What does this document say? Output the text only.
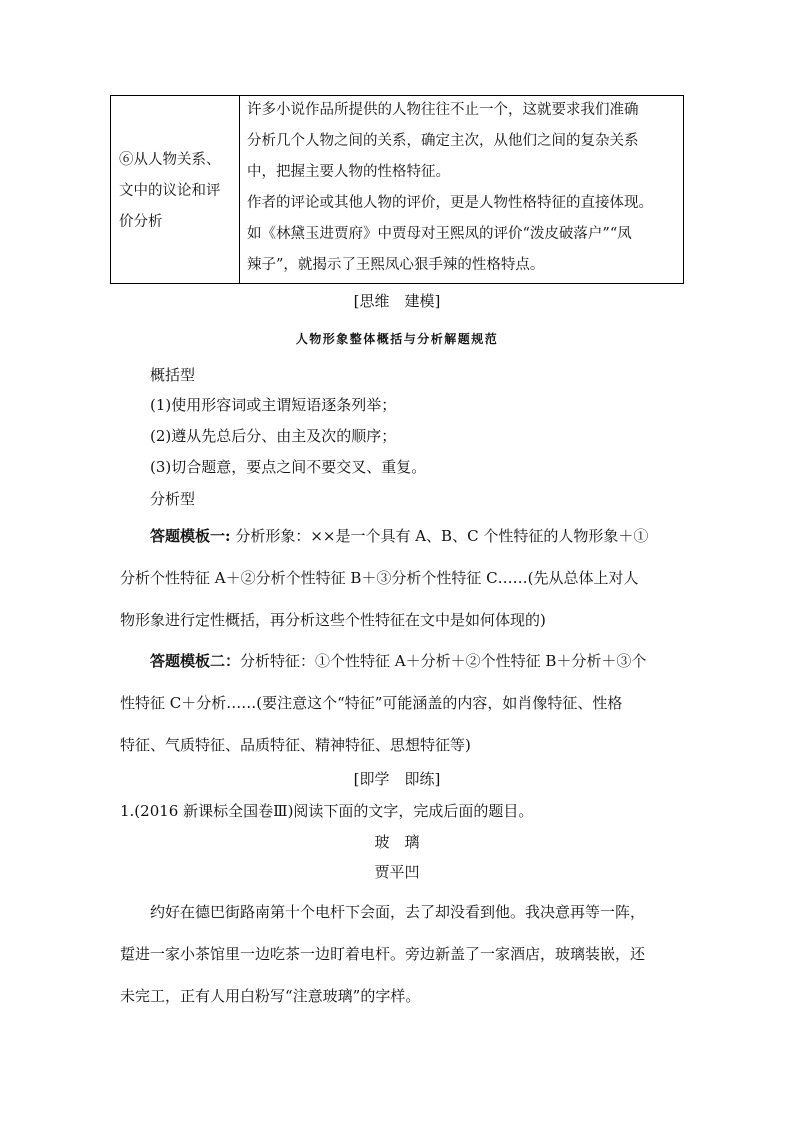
⑥从人物关系、
文中的议论和评
价分析
许多小说作品所提供的人物往往不止一个，这就要求我们准确
分析几个人物之间的关系，确定主次，从他们之间的复杂关系
中，把握主要人物的性格特征。
作者的评论或其他人物的评价，更是人物性格特征的直接体现。
如《林黛玉进贾府》中贾母对王熙凤的评价“泼皮破落户”“凤
辣子”，就揭示了王熙凤心狠手辣的性格特点。
[思维　建模]
人物形象整体概括与分析解题规范
概括型
(1)使用形容词或主谓短语逐条列举；
(2)遵从先总后分、由主及次的顺序；
(3)切合题意，要点之间不要交叉、重复。
分析型
答题模板一: 分析形象：××是一个具有 A、B、C 个性特征的人物形象＋①
分析个性特征 A＋②分析个性特征 B＋③分析个性特征 C……(先从总体上对人
物形象进行定性概括，再分析这些个性特征在文中是如何体现的)
答题模板二：分析特征：①个性特征 A＋分析＋②个性特征 B＋分析＋③个
性特征 C＋分析……(要注意这个“特征”可能涵盖的内容，如肖像特征、性格
特征、气质特征、品质特征、精神特征、思想特征等)
[即学　即练]
1.(2016 新课标全国卷Ⅲ)阅读下面的文字，完成后面的题目。
玻　璃
贾平凹
约好在德巴街路南第十个电杆下会面，去了却没看到他。我决意再等一阵，
踅进一家小茶馆里一边吃茶一边盯着电杆。旁边新盖了一家酒店，玻璃装嵌，还
未完工，正有人用白粉写“注意玻璃”的字样。
